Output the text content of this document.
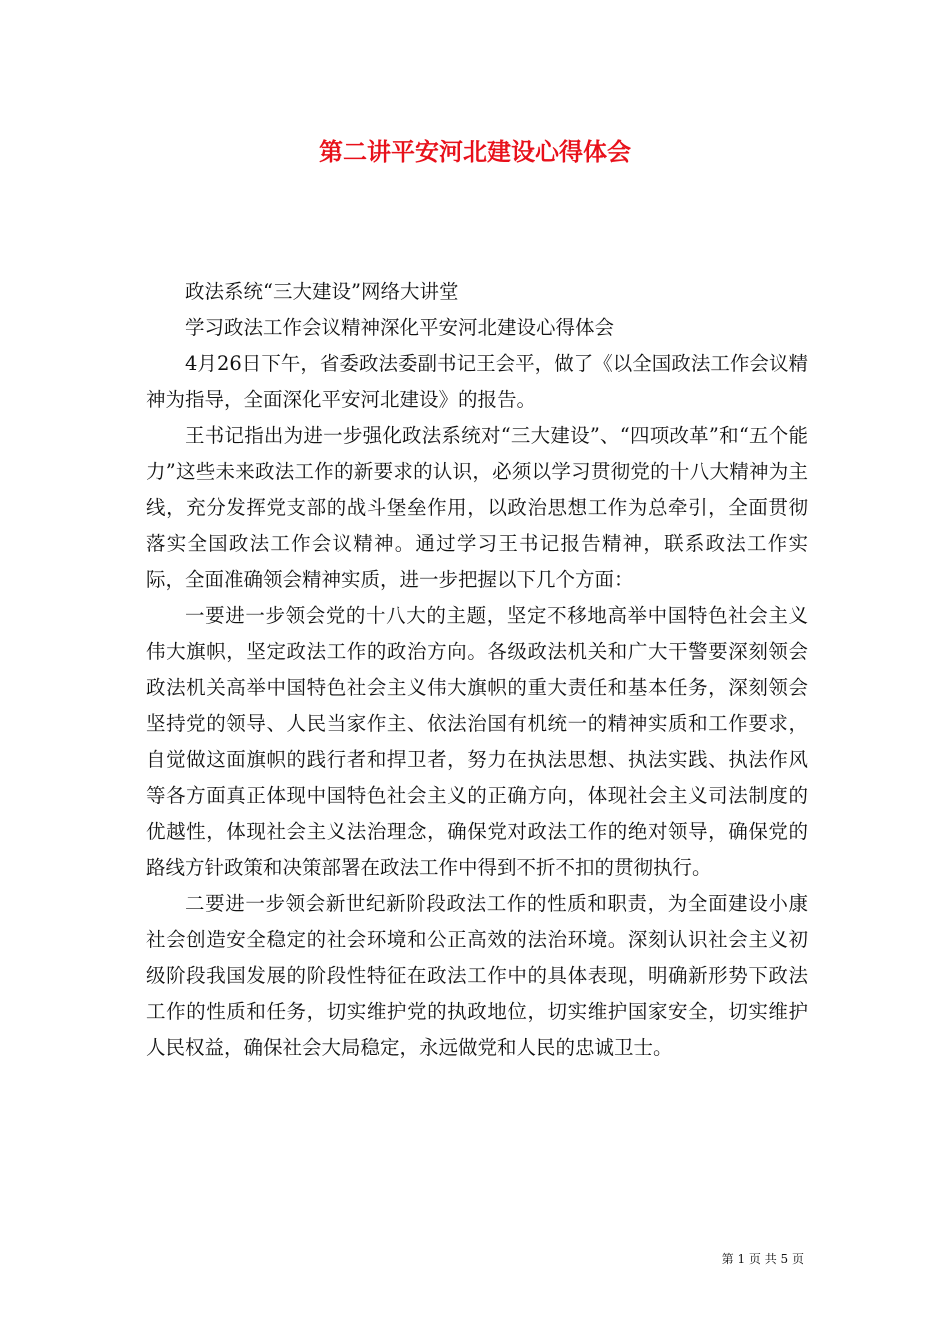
第二讲平安河北建设心得体会

政法系统“三大建设”网络大讲堂

学习政法工作会议精神深化平安河北建设心得体会

4月26日下午，省委政法委副书记王会平，做了《以全国政法工作会议精神为指导，全面深化平安河北建设》的报告。

王书记指出为进一步强化政法系统对“三大建设”、“四项改革”和“五个能力”这些未来政法工作的新要求的认识，必须以学习贯彻党的十八大精神为主线，充分发挥党支部的战斗堡垒作用，以政治思想工作为总牵引，全面贯彻落实全国政法工作会议精神。通过学习王书记报告精神，联系政法工作实际，全面准确领会精神实质，进一步把握以下几个方面：

一要进一步领会党的十八大的主题，坚定不移地高举中国特色社会主义伟大旗帜，坚定政法工作的政治方向。各级政法机关和广大干警要深刻领会政法机关高举中国特色社会主义伟大旗帜的重大责任和基本任务，深刻领会坚持党的领导、人民当家作主、依法治国有机统一的精神实质和工作要求，自觉做这面旗帜的践行者和捍卫者，努力在执法思想、执法实践、执法作风等各方面真正体现中国特色社会主义的正确方向，体现社会主义司法制度的优越性，体现社会主义法治理念，确保党对政法工作的绝对领导，确保党的路线方针政策和决策部署在政法工作中得到不折不扣的贯彻执行。

二要进一步领会新世纪新阶段政法工作的性质和职责，为全面建设小康社会创造安全稳定的社会环境和公正高效的法治环境。深刻认识社会主义初级阶段我国发展的阶段性特征在政法工作中的具体表现，明确新形势下政法工作的性质和任务，切实维护党的执政地位，切实维护国家安全，切实维护人民权益，确保社会大局稳定，永远做党和人民的忠诚卫士。

第 1 页 共 5 页
